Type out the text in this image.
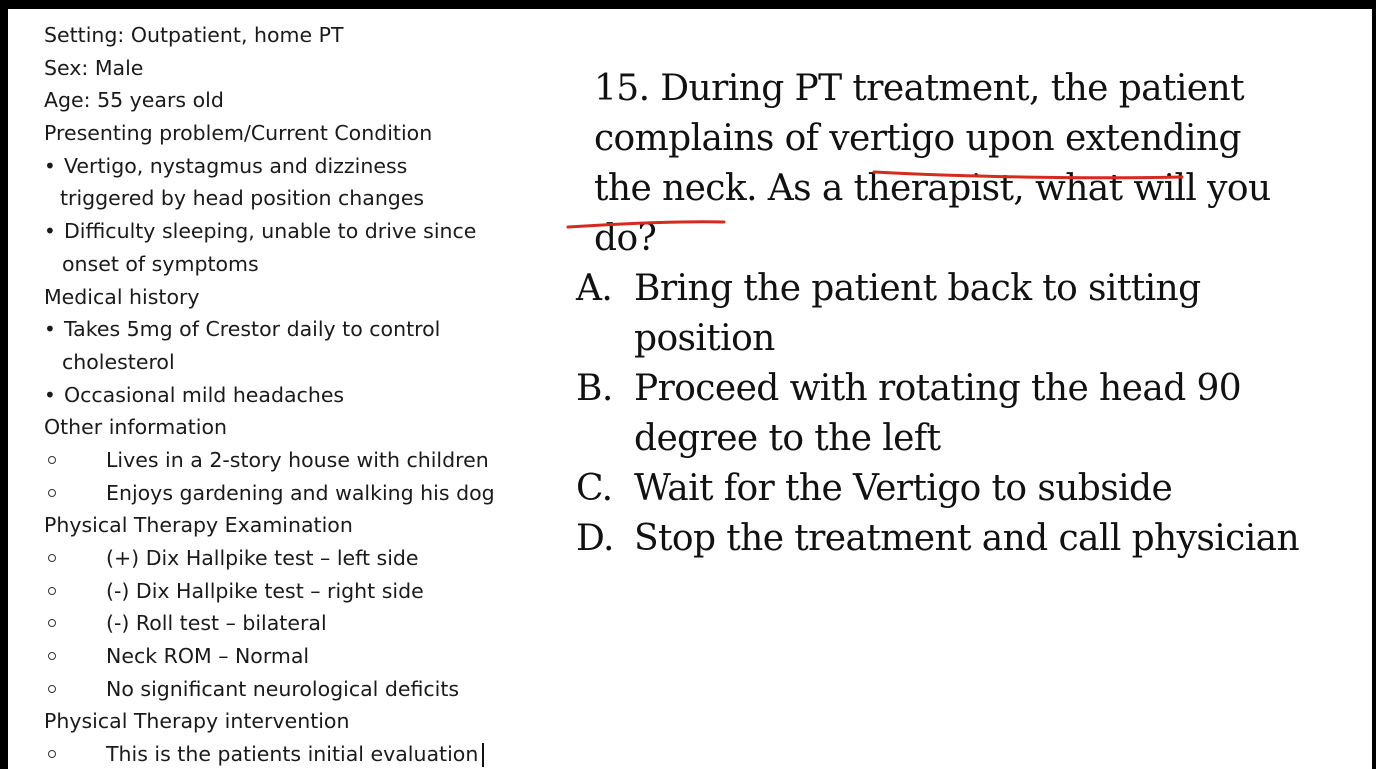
Setting: Outpatient, home PT
Sex: Male
Age: 55 years old
Presenting problem/Current Condition
• Vertigo, nystagmus and dizziness
triggered by head position changes
• Difficulty sleeping, unable to drive since
onset of symptoms
Medical history
• Takes 5mg of Crestor daily to control
cholesterol
• Occasional mild headaches
Other information
Lives in a 2-story house with children
Enjoys gardening and walking his dog
Physical Therapy Examination
(+) Dix Hallpike test – left side
(-) Dix Hallpike test – right side
(-) Roll test – bilateral
Neck ROM – Normal
No significant neurological deficits
Physical Therapy intervention
This is the patients initial evaluation
15. During PT treatment, the patient
complains of vertigo upon extending
the neck. As a therapist, what will you
do?
A. Bring the patient back to sitting
position
B. Proceed with rotating the head 90
degree to the left
C. Wait for the Vertigo to subside
D. Stop the treatment and call physician
